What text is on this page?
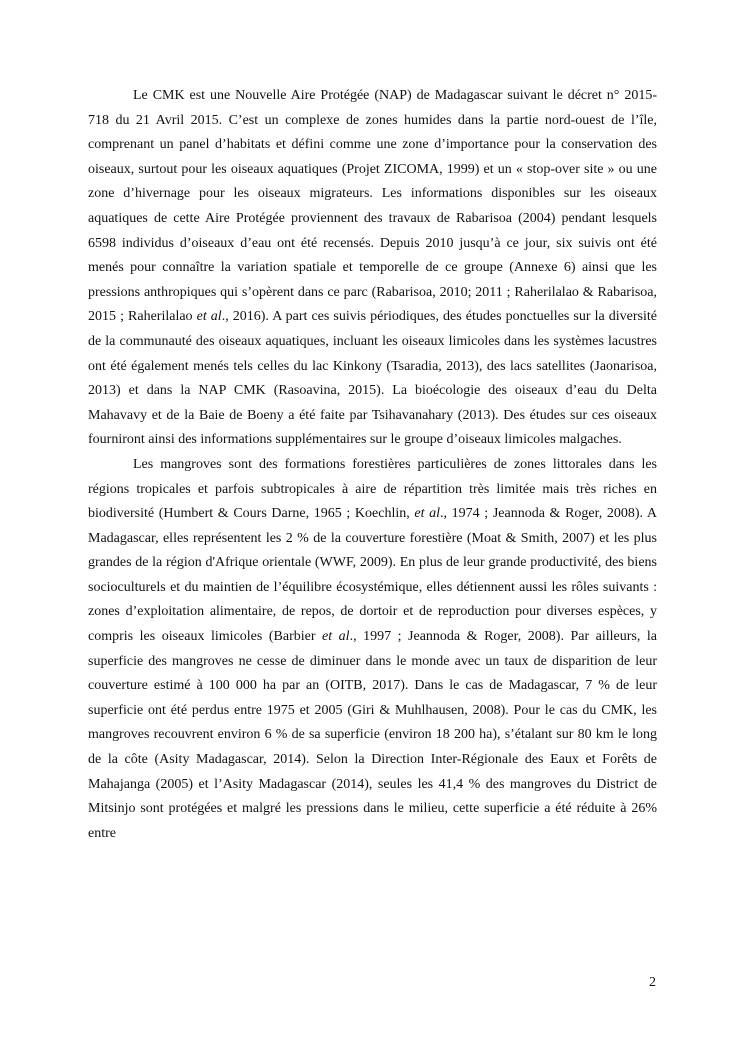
Le CMK est une Nouvelle Aire Protégée (NAP) de Madagascar suivant le décret n° 2015-718 du 21 Avril 2015. C’est un complexe de zones humides dans la partie nord-ouest de l’île, comprenant un panel d’habitats et défini comme une zone d’importance pour la conservation des oiseaux, surtout pour les oiseaux aquatiques (Projet ZICOMA, 1999) et un « stop-over site » ou une zone d’hivernage pour les oiseaux migrateurs. Les informations disponibles sur les oiseaux aquatiques de cette Aire Protégée proviennent des travaux de Rabarisoa (2004) pendant lesquels 6598 individus d’oiseaux d’eau ont été recensés. Depuis 2010 jusqu’à ce jour, six suivis ont été menés pour connaître la variation spatiale et temporelle de ce groupe (Annexe 6) ainsi que les pressions anthropiques qui s’opèrent dans ce parc (Rabarisoa, 2010; 2011 ; Raherilalao & Rabarisoa, 2015 ; Raherilalao et al., 2016). A part ces suivis périodiques, des études ponctuelles sur la diversité de la communauté des oiseaux aquatiques, incluant les oiseaux limicoles dans les systèmes lacustres ont été également menés tels celles du lac Kinkony (Tsaradia, 2013), des lacs satellites (Jaonarisoa, 2013) et dans la NAP CMK (Rasoavina, 2015). La bioécologie des oiseaux d’eau du Delta Mahavavy et de la Baie de Boeny a été faite par Tsihavanahary (2013). Des études sur ces oiseaux fourniront ainsi des informations supplémentaires sur le groupe d’oiseaux limicoles malgaches.

Les mangroves sont des formations forestières particulières de zones littorales dans les régions tropicales et parfois subtropicales à aire de répartition très limitée mais très riches en biodiversité (Humbert & Cours Darne, 1965 ; Koechlin, et al., 1974 ; Jeannoda & Roger, 2008). A Madagascar, elles représentent les 2 % de la couverture forestière (Moat & Smith, 2007) et les plus grandes de la région d'Afrique orientale (WWF, 2009). En plus de leur grande productivité, des biens socioculturels et du maintien de l’équilibre écosystémique, elles détiennent aussi les rôles suivants : zones d’exploitation alimentaire, de repos, de dortoir et de reproduction pour diverses espèces, y compris les oiseaux limicoles (Barbier et al., 1997 ; Jeannoda & Roger, 2008). Par ailleurs, la superficie des mangroves ne cesse de diminuer dans le monde avec un taux de disparition de leur couverture estimé à 100 000 ha par an (OITB, 2017). Dans le cas de Madagascar, 7 % de leur superficie ont été perdus entre 1975 et 2005 (Giri & Muhlhausen, 2008). Pour le cas du CMK, les mangroves recouvrent environ 6 % de sa superficie (environ 18 200 ha), s’étalant sur 80 km le long de la côte (Asity Madagascar, 2014). Selon la Direction Inter-Régionale des Eaux et Forêts de Mahajanga (2005) et l’Asity Madagascar (2014), seules les 41,4 % des mangroves du District de Mitsinjo sont protégées et malgré les pressions dans le milieu, cette superficie a été réduite à 26% entre

2
